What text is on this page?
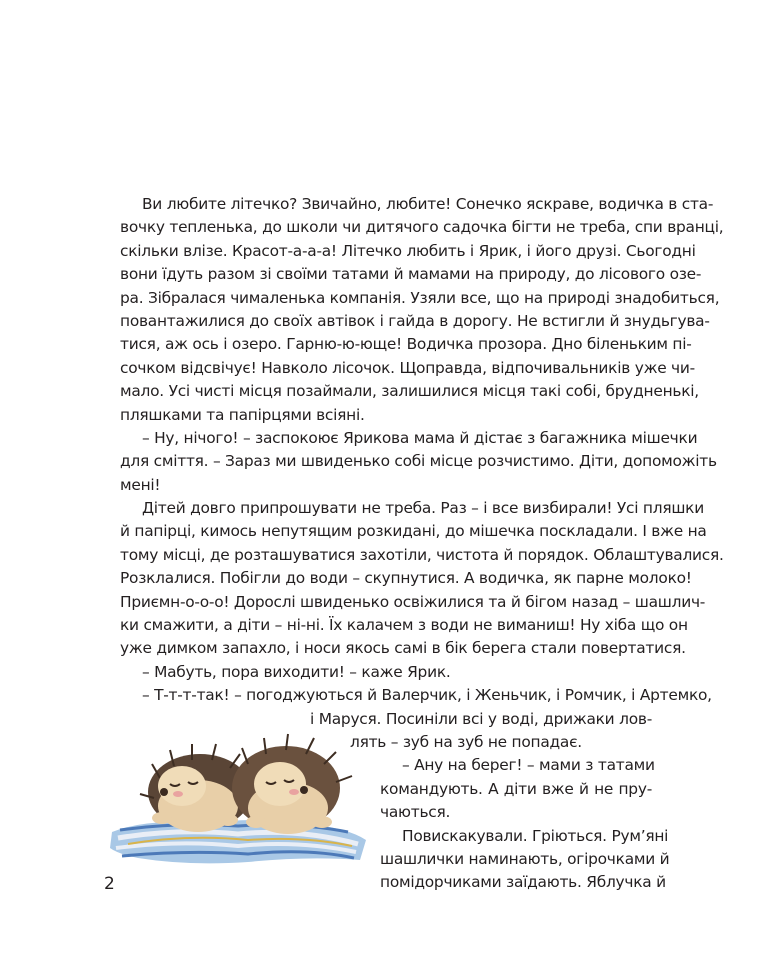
Ви любите літечко? Звичайно, любите! Сонечко яскраве, водичка в ста-
вочку тепленька, до школи чи дитячого садочка бігти не треба, спи вранці,
скільки влізе. Красот-а-а-а! Літечко любить і Ярик, і його друзі. Сьогодні
вони їдуть разом зі своїми татами й мамами на природу, до лісового озе-
ра. Зібралася чималенька компанія. Узяли все, що на природі знадобиться,
повантажилися до своїх автівок і гайда в дорогу. Не встигли й знудьгува-
тися, аж ось і озеро. Гарню-ю-юще! Водичка прозора. Дно біленьким пі-
сочком відсвічує! Навколо лісочок. Щоправда, відпочивальників уже чи-
мало. Усі чисті місця позаймали, залишилися місця такі собі, брудненькі,
пляшками та папірцями всіяні.
– Ну, нічого! – заспокоює Ярикова мама й дістає з багажника мішечки
для сміття. – Зараз ми швиденько собі місце розчистимо. Діти, допоможіть
мені!
Дітей довго припрошувати не треба. Раз – і все визбирали! Усі пляшки
й папірці, кимось непутящим розкидані, до мішечка поскладали. І вже на
тому місці, де розташуватися захотіли, чистота й порядок. Облаштувалися.
Розклалися. Побігли до води – скупнутися. А водичка, як парне молоко!
Приємн-о-о-о! Дорослі швиденько освіжилися та й бігом назад – шашлич-
ки смажити, а діти – ні-ні. Їх калачем з води не виманиш! Ну хіба що он
уже димком запахло, і носи якось самі в бік берега стали повертатися.
– Мабуть, пора виходити! – каже Ярик.
– Т-т-т-так! – погоджуються й Валерчик, і Женьчик, і Ромчик, і Артемко,
і Маруся. Посиніли всі у воді, дрижаки лов-
лять – зуб на зуб не попадає.
– Ану на берег! – мами з татами
командують. А діти вже й не пру-
чаються.
Повискакували. Гріються. Рум’яні
шашлички наминають, огірочками й
помідорчиками заїдають. Яблучка й
2
